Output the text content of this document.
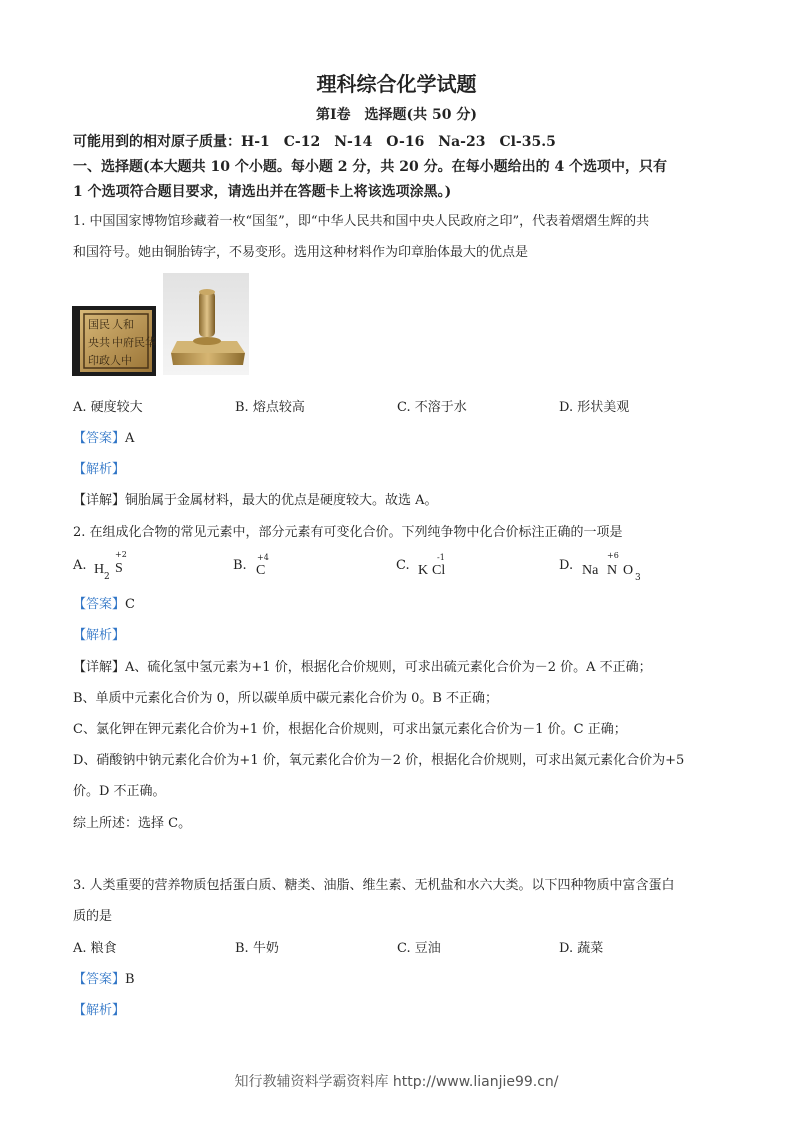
理科综合化学试题
第Ⅰ卷　选择题(共 50 分)
可能用到的相对原子质量：H-1　C-12　N-14　O-16　Na-23　Cl-35.5
一、选择题(本大题共 10 个小题。每小题 2 分，共 20 分。在每小题给出的 4 个选项中，只有
1 个选项符合题目要求，请选出并在答题卡上将该选项涂黑。)
1. 中国国家博物馆珍藏着一枚“国玺”，即“中华人民共和国中央人民政府之印”，代表着熠熠生辉的共
和国符号。她由铜胎铸字，不易变形。选用这种材料作为印章胎体最大的优点是
国民 人和
央共 中府民华
印政人中
A. 硬度较大	B. 熔点较高	C. 不溶于水	D. 形状美观
【答案】A
【解析】
【详解】铜胎属于金属材料，最大的优点是硬度较大。故选 A。
2. 在组成化合物的常见元素中，部分元素有可变化合价。下列纯争物中化合价标注正确的一项是
A. H 2
S
+2
B. C
+4
C. K Cl
-1
D. Na N
+6
O 3
【答案】C
【解析】
【详解】A、硫化氢中氢元素为+1 价，根据化合价规则，可求出硫元素化合价为－2 价。A 不正确；
B、单质中元素化合价为 0，所以碳单质中碳元素化合价为 0。B 不正确；
C、氯化钾在钾元素化合价为+1 价，根据化合价规则，可求出氯元素化合价为－1 价。C 正确；
D、硝酸钠中钠元素化合价为+1 价，氧元素化合价为－2 价，根据化合价规则，可求出氮元素化合价为+5
价。D 不正确。
综上所述：选择 C。
3. 人类重要的营养物质包括蛋白质、糖类、油脂、维生素、无机盐和水六大类。以下四种物质中富含蛋白
质的是
A. 粮食	B. 牛奶	C. 豆油	D. 蔬菜
【答案】B
【解析】
知行教辅资料学霸资料库 http://www.lianjie99.cn/
